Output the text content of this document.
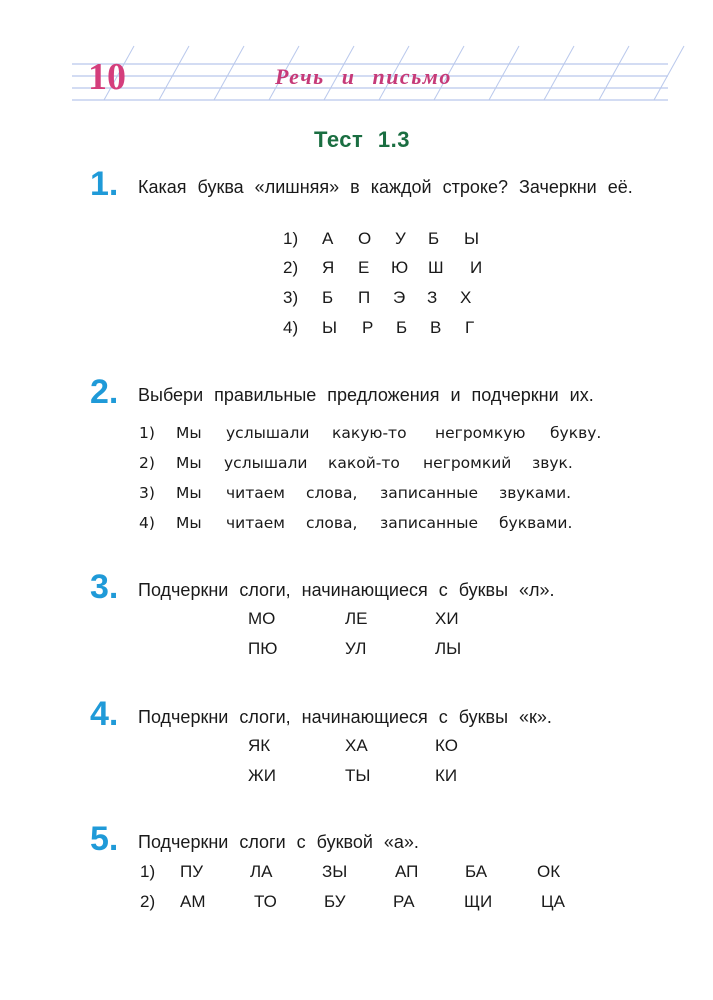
10	Речь и письмо
Тест 1.3
1. Какая буква «лишняя» в каждой строке? Зачеркни её.
1) А О У Б Ы
2) Я Е Ю Ш И
3) Б П Э З Х
4) Ы Р Б В Г
2. Выбери правильные предложения и подчеркни их.
1) Мы услышали какую-то негромкую букву.
2) Мы услышали какой-то негромкий звук.
3) Мы читаем слова, записанные звуками.
4) Мы читаем слова, записанные буквами.
3. Подчеркни слоги, начинающиеся с буквы «л».
МО	ЛЕ	ХИ
ПЮ	УЛ	ЛЫ
4. Подчеркни слоги, начинающиеся с буквы «к».
ЯК	ХА	КО
ЖИ	ТЫ	КИ
5. Подчеркни слоги с буквой «а».
1) ПУ	ЛА	ЗЫ	АП	БА	ОК
2) АМ	ТО	БУ	РА	ЩИ	ЦА
